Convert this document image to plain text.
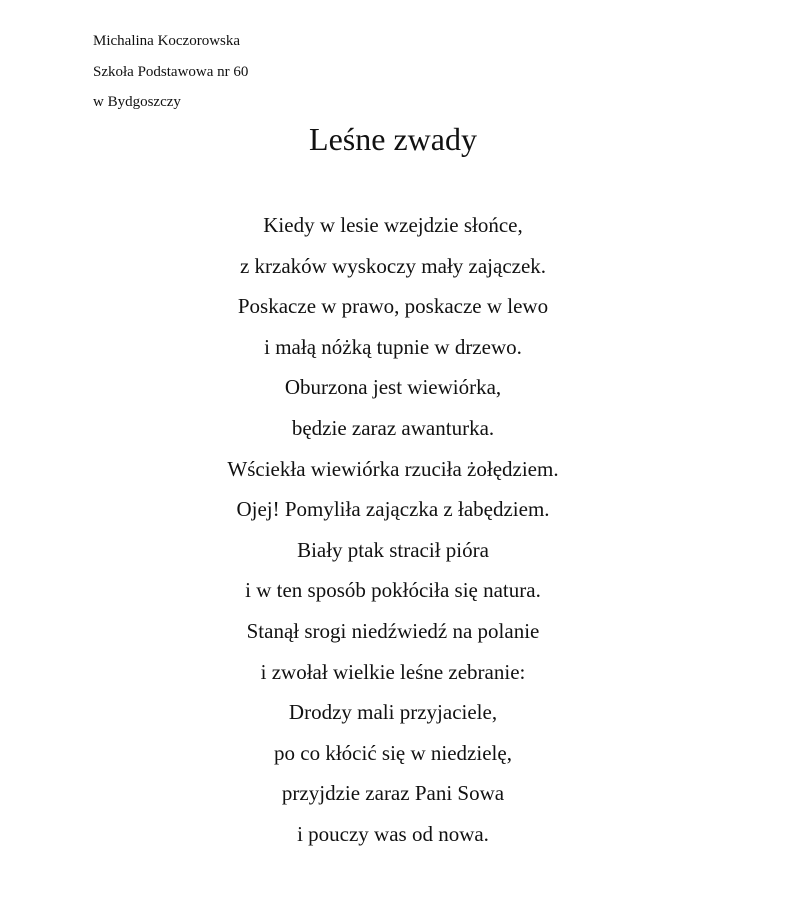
Michalina Koczorowska
Szkoła Podstawowa nr 60
w Bydgoszczy
Leśne zwady
Kiedy w lesie wzejdzie słońce,
z krzaków wyskoczy mały zajączek.
Poskacze w prawo, poskacze w lewo
i małą nóżką tupnie w drzewo.
Oburzona jest wiewiórka,
będzie zaraz awanturka.
Wściekła wiewiórka rzuciła żołędziem.
Ojej! Pomyliła zajączka z łabędziem.
Biały ptak stracił pióra
i w ten sposób pokłóciła się natura.
Stanął srogi niedźwiedź na polanie
i zwołał wielkie leśne zebranie:
Drodzy mali przyjaciele,
po co kłócić się w niedzielę,
przyjdzie zaraz Pani Sowa
i pouczy was od nowa.
